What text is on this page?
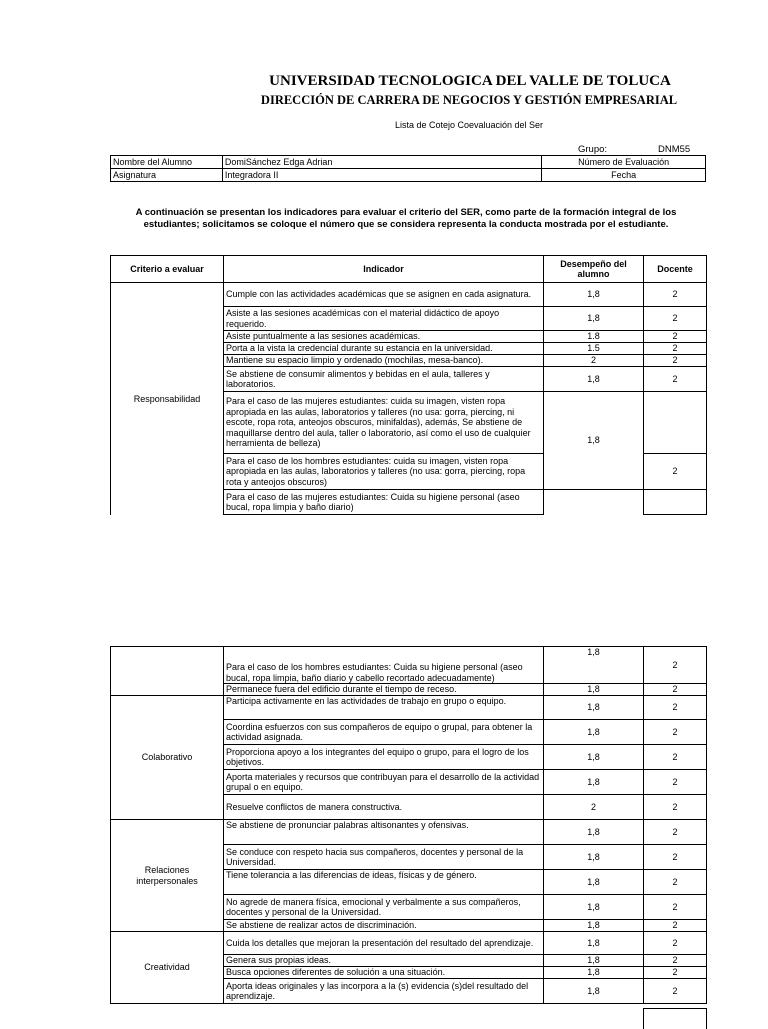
UNIVERSIDAD TECNOLOGICA DEL VALLE DE TOLUCA
DIRECCIÓN DE CARRERA DE NEGOCIOS Y GESTIÓN EMPRESARIAL
Lista de Cotejo Coevaluación del Ser
Grupo:	DNM55
Nombre del Alumno	DomiSánchez Edga Adrian	Número de Evaluación
Asignatura	Integradora II	Fecha
A continuación se presentan los indicadores para evaluar el criterio del SER, como parte de la formación integral de los estudiantes; solicitamos se coloque el número que se considera representa la conducta mostrada por el estudiante.
Criterio a evaluar	Indicador	Desempeño del alumno	Docente
Responsabilidad	Cumple con las actividades académicas que se asignen en cada asignatura.	1,8	2
	Asiste a las sesiones académicas con el material didáctico de apoyo requerido.	1,8	2
	Asiste puntualmente a las sesiones académicas.	1.8	2
	Porta a la vista la credencial durante su estancia en la universidad.	1.5	2
	Mantiene su espacio limpio y ordenado (mochilas, mesa-banco).	2	2
	Se abstiene de consumir alimentos y bebidas en el aula, talleres y laboratorios.	1,8	2
	Para el caso de las mujeres estudiantes: cuida su imagen, visten ropa apropiada en las aulas, laboratorios y talleres (no usa: gorra, piercing, ni escote, ropa rota, anteojos obscuros, minifaldas), además, Se abstiene de maquillarse dentro del aula, taller o laboratorio, así como el uso de cualquier herramienta de belleza)	1,8	
	Para el caso de los hombres estudiantes: cuida su imagen, visten ropa apropiada en las aulas, laboratorios y talleres (no usa: gorra, piercing, ropa rota y anteojos obscuros)		2
	Para el caso de las mujeres estudiantes: Cuida su higiene personal (aseo bucal, ropa limpia y baño diario)		
	Para el caso de los hombres estudiantes: Cuida su higiene personal (aseo bucal, ropa limpia, baño diario y cabello recortado adecuadamente)	1,8	2
	Permanece fuera del edificio durante el tiempo de receso.	1,8	2
Colaborativo	Participa activamente en las actividades de trabajo en grupo o equipo.	1,8	2
	Coordina esfuerzos con sus compañeros de equipo o grupal, para obtener la actividad asignada.	1,8	2
	Proporciona apoyo a los integrantes del equipo o grupo, para el logro de los objetivos.	1,8	2
	Aporta materiales y recursos que contribuyan para el desarrollo de la actividad grupal o en equipo.	1,8	2
	Resuelve conflictos de manera constructiva.	2	2
Relaciones interpersonales	Se abstiene de pronunciar palabras altisonantes y ofensivas.	1,8	2
	Se conduce con respeto hacia sus compañeros, docentes y personal de la Universidad.	1,8	2
	Tiene tolerancia a las diferencias de ideas, físicas y de género.	1,8	2
	No agrede de manera física, emocional y verbalmente a sus compañeros, docentes y personal de la Universidad.	1,8	2
	Se abstiene de realizar actos de discriminación.	1,8	2
Creatividad	Cuida los detalles que mejoran la presentación del resultado del aprendizaje.	1,8	2
	Genera sus propias ideas.	1,8	2
	Busca opciones diferentes de solución a una situación.	1,8	2
	Aporta ideas originales y las incorpora a la (s) evidencia (s)del resultado del aprendizaje.	1,8	2
